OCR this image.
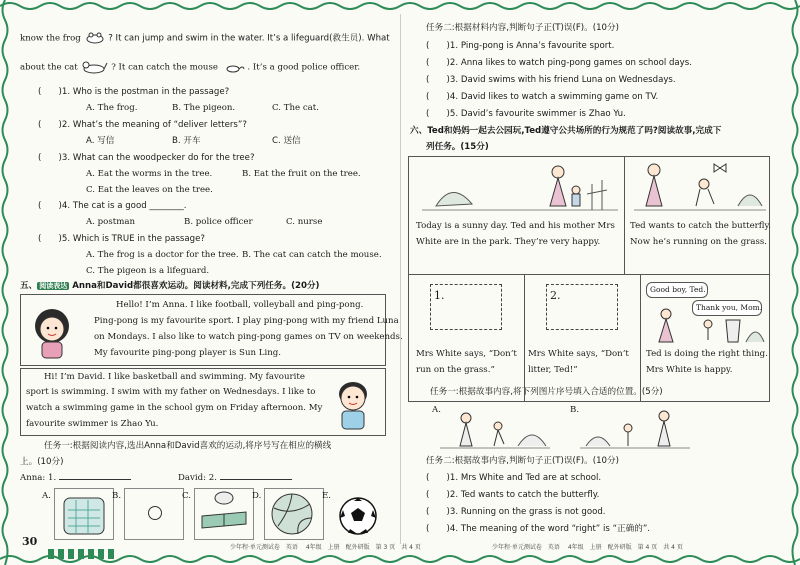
know the frog	? It can jump and swim in the water. It’s a lifeguard(救生员). What
about the cat	? It can catch the mouse	. It’s a good police officer.
(　　)1. Who is the postman in the passage?
A. The frog.	B. The pigeon.	C. The cat.
(　　)2. What’s the meaning of “deliver letters”?
A. 写信	B. 开车	C. 送信
(　　)3. What can the woodpecker do for the tree?
A. Eat the worms in the tree.	B. Eat the fruit on the tree.
C. Eat the leaves on the tree.
(　　)4. The cat is a good ________.
A. postman	B. police officer	C. nurse
(　　)5. Which is TRUE in the passage?
A. The frog is a doctor for the tree. B. The cat can catch the mouse.
C. The pigeon is a lifeguard.
五、 阅读表达 Anna和David都很喜欢运动。阅读材料,完成下列任务。(20分)
Hello! I’m Anna. I like football, volleyball and ping-pong.
Ping-pong is my favourite sport. I play ping-pong with my friend Luna
on Mondays. I also like to watch ping-pong games on TV on weekends.
My favourite ping-pong player is Sun Ling.
Hi! I’m David. I like basketball and swimming. My favourite
sport is swimming. I swim with my father on Wednesdays. I like to
watch a swimming game in the school gym on Friday afternoon. My
favourite swimmer is Zhao Yu.
任务一:根据阅读内容,选出Anna和David喜欢的运动,将序号写在相应的横线
上。(10分)
Anna: 1.	David: 2.
A.	B.	C.	D.	E.
30	少年程·单元测试卷　英语　 4年级　上册　配外研版　第 3 页　共 4 页
任务二:根据材料内容,判断句子正(T)误(F)。(10分)
(　　)1. Ping-pong is Anna’s favourite sport.
(　　)2. Anna likes to watch ping-pong games on school days.
(　　)3. David swims with his friend Luna on Wednesdays.
(　　)4. David likes to watch a swimming game on TV.
(　　)5. David’s favourite swimmer is Zhao Yu.
六、Ted和妈妈一起去公园玩,Ted遵守公共场所的行为规范了吗?阅读故事,完成下
列任务。(15分)
Today is a sunny day. Ted and his mother Mrs
White are in the park. They’re very happy.
Ted wants to catch the butterfly.
Now he’s running on the grass.
1.
Mrs White says, “Don’t
run on the grass.”
2.
Mrs White says, “Don’t
litter, Ted!”
Good boy, Ted.
Thank you, Mom.
Ted is doing the right thing.
Mrs White is happy.
任务一:根据故事内容,将下列图片序号填入合适的位置。(5分)
A.	B.
任务二:根据故事内容,判断句子正(T)误(F)。(10分)
(　　)1. Mrs White and Ted are at school.
(　　)2. Ted wants to catch the butterfly.
(　　)3. Running on the grass is not good.
(　　)4. The meaning of the word “right” is “正确的”.
少年程·单元测试卷　英语　 4年级　上册　配外研版　第 4 页　共 4 页
